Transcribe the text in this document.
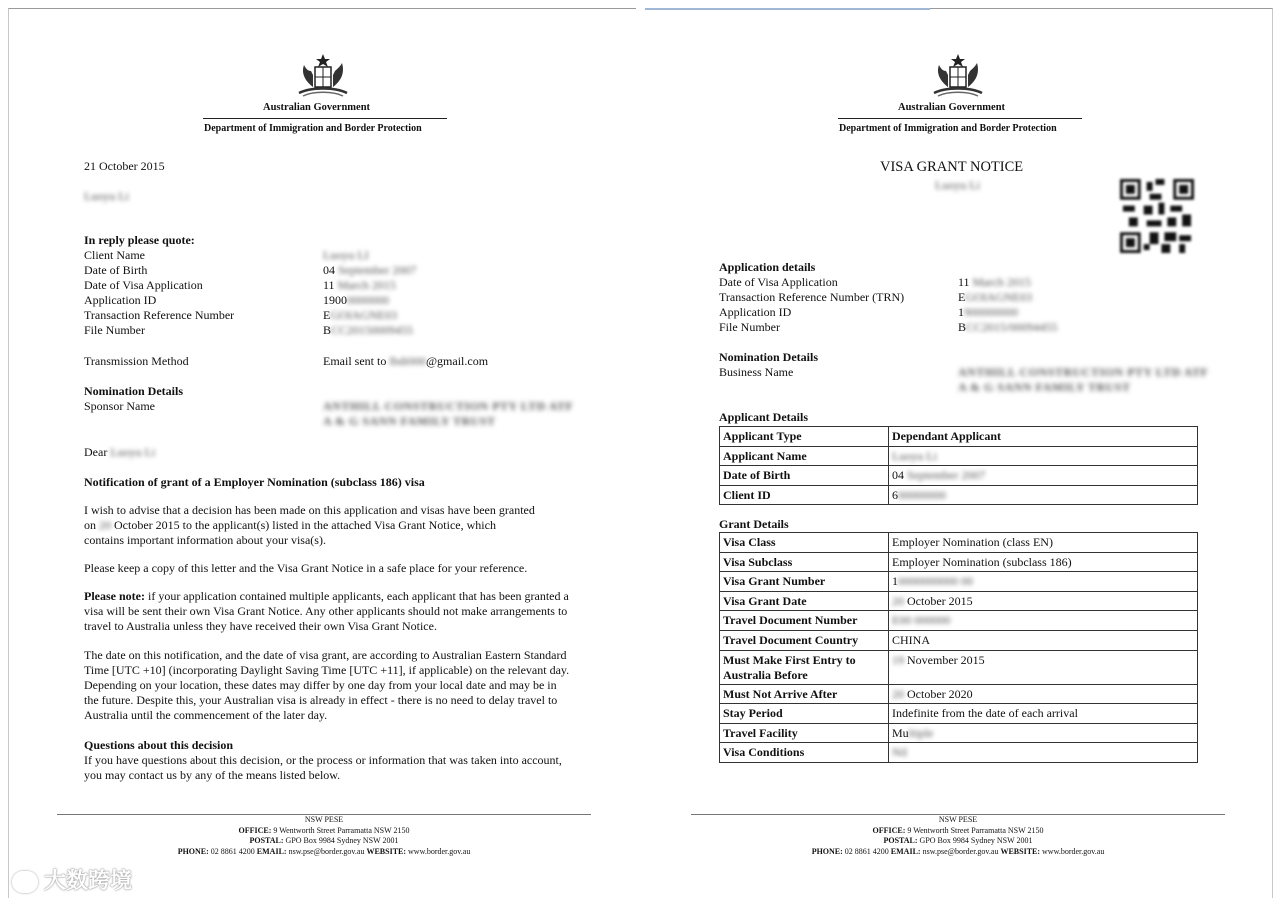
Australian Government
Department of Immigration and Border Protection
21 October 2015
Luoyu Li
In reply please quote:
Client Name	Luoyu LI
Date of Birth	04 September 2007
Date of Visa Application	11 March 2015
Application ID	19000000000
Transaction Reference Number	EGOIAGNE03
File Number	BCC20150009455
Transmission Method	Email sent to lbdi000@gmail.com
Nomination Details
Sponsor Name	ANTHILL CONSTRUCTION PTY LTD ATF
A & G SANN FAMILY TRUST
Dear Luoyu Li
Notification of grant of a Employer Nomination (subclass 186) visa
I wish to advise that a decision has been made on this application and visas have been granted
on 20 October 2015 to the applicant(s) listed in the attached Visa Grant Notice, which
contains important information about your visa(s).
Please keep a copy of this letter and the Visa Grant Notice in a safe place for your reference.
Please note: if your application contained multiple applicants, each applicant that has been granted a visa will be sent their own Visa Grant Notice. Any other applicants should not make arrangements to travel to Australia unless they have received their own Visa Grant Notice.
The date on this notification, and the date of visa grant, are according to Australian Eastern Standard Time [UTC +10] (incorporating Daylight Saving Time [UTC +11], if applicable) on the relevant day. Depending on your location, these dates may differ by one day from your local date and may be in the future. Despite this, your Australian visa is already in effect - there is no need to delay travel to Australia until the commencement of the later day.
Questions about this decision
If you have questions about this decision, or the process or information that was taken into account, you may contact us by any of the means listed below.
NSW PESE
OFFICE: 9 Wentworth Street Parramatta NSW 2150
POSTAL: GPO Box 9984 Sydney NSW 2001
PHONE: 02 8861 4200 EMAIL: nsw.pse@border.gov.au WEBSITE: www.border.gov.au
Australian Government
Department of Immigration and Border Protection
VISA GRANT NOTICE
Luoyu Li
Application details
Date of Visa Application	11 March 2015
Transaction Reference Number (TRN)	EGOIAGNE03
Application ID	1900000000
File Number	BCC2015/00094455
Nomination Details
Business Name	ANTHILL CONSTRUCTION PTY LTD ATF
A & G SANN FAMILY TRUST
Applicant Details
Applicant Type	Dependant Applicant
Applicant Name	Luoyu Li
Date of Birth	04 September 2007
Client ID	600000000
Grant Details
Visa Class	Employer Nomination (class EN)
Visa Subclass	Employer Nomination (subclass 186)
Visa Grant Number	10000000000 00
Visa Grant Date	20 October 2015
Travel Document Number	E00 000000
Travel Document Country	CHINA
Must Make First Entry to Australia Before	19 November 2015
Must Not Arrive After	20 October 2020
Stay Period	Indefinite from the date of each arrival
Travel Facility	Multiple
Visa Conditions	Nil
NSW PESE
OFFICE: 9 Wentworth Street Parramatta NSW 2150
POSTAL: GPO Box 9984 Sydney NSW 2001
PHONE: 02 8861 4200 EMAIL: nsw.pse@border.gov.au WEBSITE: www.border.gov.au
大数跨境
